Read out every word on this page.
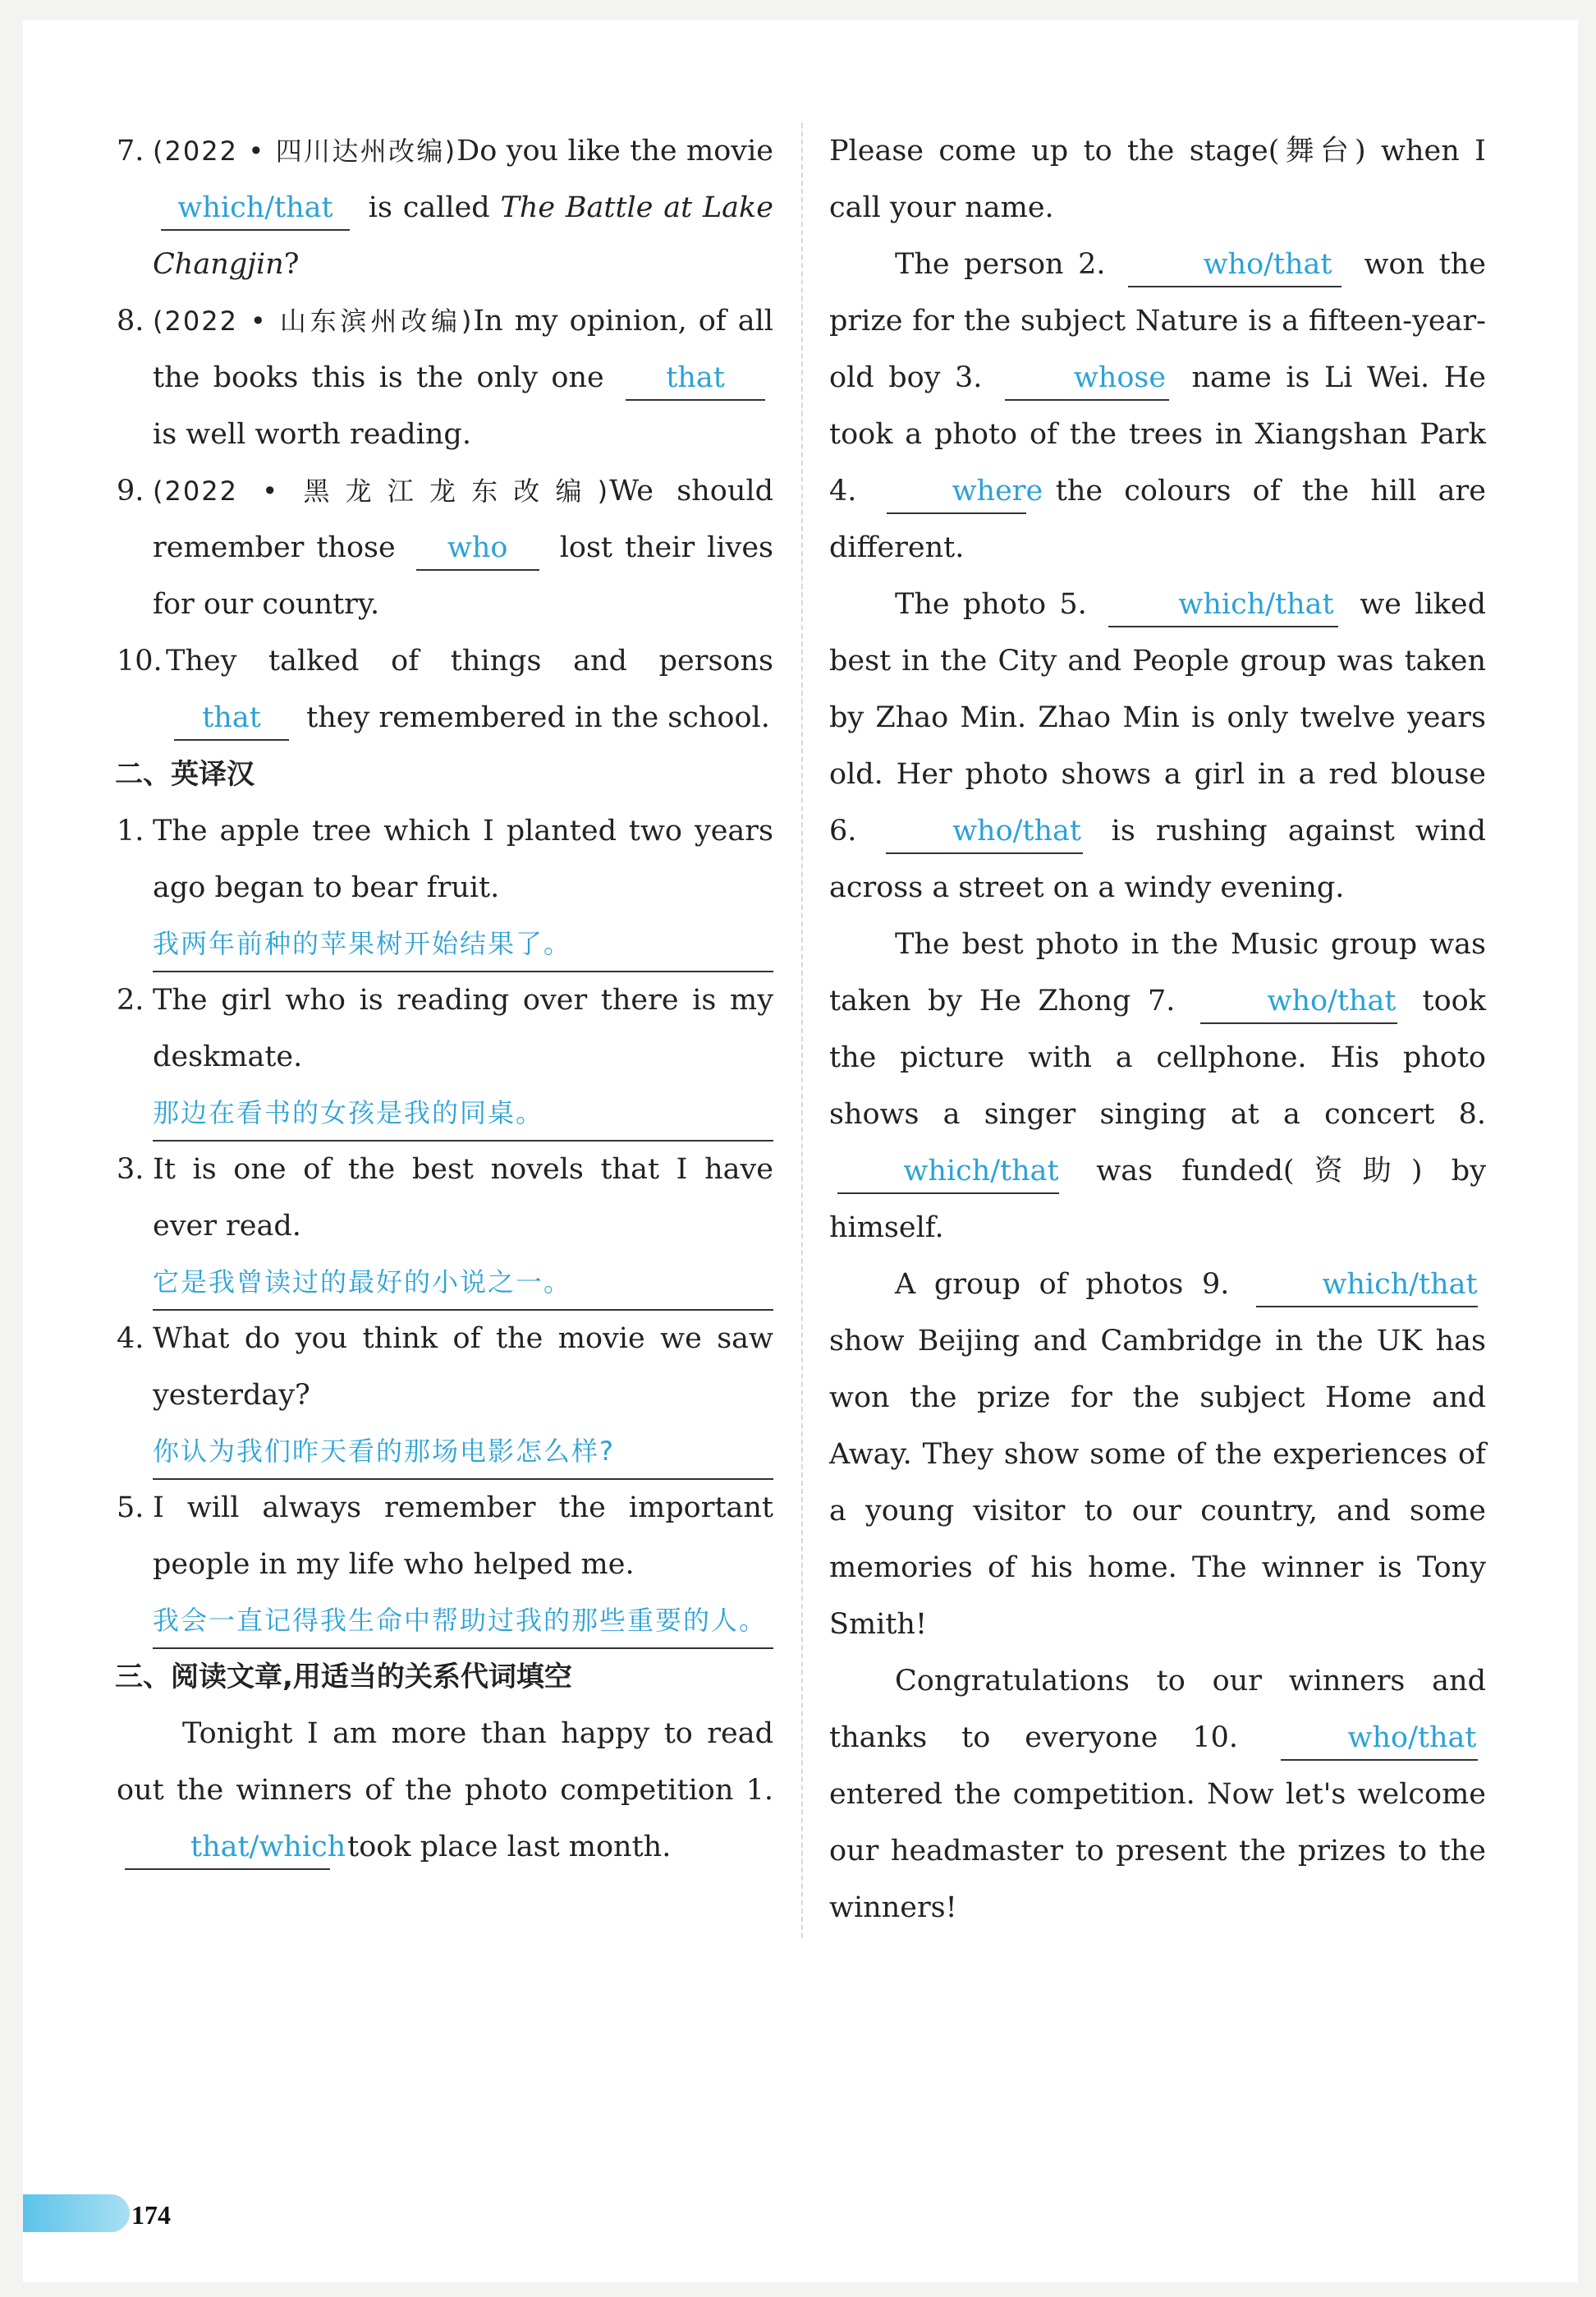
7. (2022 • 四川达州改编)Do you like the movie which/that is called The Battle at Lake Changjin?
8. (2022 • 山东滨州改编)In my opinion, of all the books this is the only one that is well worth reading.
9. (2022 • 黑龙江龙东改编)We should remember those who lost their lives for our country.
10. They talked of things and persons that they remembered in the school.
二、英译汉
1. The apple tree which I planted two years ago began to bear fruit.
我两年前种的苹果树开始结果了。
2. The girl who is reading over there is my deskmate.
那边在看书的女孩是我的同桌。
3. It is one of the best novels that I have ever read.
它是我曾读过的最好的小说之一。
4. What do you think of the movie we saw yesterday?
你认为我们昨天看的那场电影怎么样?
5. I will always remember the important people in my life who helped me.
我会一直记得我生命中帮助过我的那些重要的人。
三、阅读文章,用适当的关系代词填空
Tonight I am more than happy to read out the winners of the photo competition 1.that/which took place last month.
Please come up to the stage(舞台) when I call your name.
The person 2.	who/that won the prize for the subject Nature is a fifteen-year-old boy 3.	whose name is Li Wei. He took a photo of the trees in Xiangshan Park 4.	where the colours of the hill are different.
The photo 5.	which/that we liked best in the City and People group was taken by Zhao Min. Zhao Min is only twelve years old. Her photo shows a girl in a red blouse 6.	who/that is rushing against wind across a street on a windy evening.
The best photo in the Music group was taken by He Zhong 7.	who/that took the picture with a cellphone. His photo shows a singer singing at a concert 8. which/that was funded(资助) by himself.
A group of photos 9.	which/that show Beijing and Cambridge in the UK has won the prize for the subject Home and Away. They show some of the experiences of a young visitor to our country, and some memories of his home. The winner is Tony Smith!
Congratulations to our winners and thanks to everyone 10.	who/that entered the competition. Now let's welcome our headmaster to present the prizes to the winners!
174
